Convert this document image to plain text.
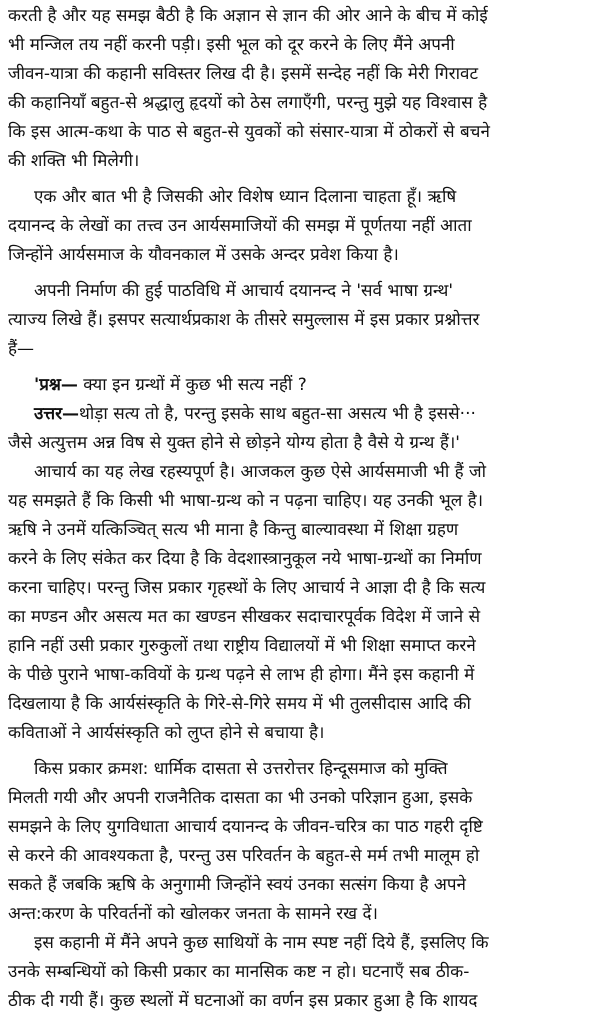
करती है और यह समझ बैठी है कि अज्ञान से ज्ञान की ओर आने के बीच में कोई
भी मन्जिल तय नहीं करनी पड़ी। इसी भूल को दूर करने के लिए मैंने अपनी
जीवन-यात्रा की कहानी सविस्तर लिख दी है। इसमें सन्देह नहीं कि मेरी गिरावट
की कहानियाँ बहुत-से श्रद्धालु हृदयों को ठेस लगाएँगी, परन्तु मुझे यह विश्वास है
कि इस आत्म-कथा के पाठ से बहुत-से युवकों को संसार-यात्रा में ठोकरों से बचने
की शक्ति भी मिलेगी।
एक और बात भी है जिसकी ओर विशेष ध्यान दिलाना चाहता हूँ। ऋषि
दयानन्द के लेखों का तत्त्व उन आर्यसमाजियों की समझ में पूर्णतया नहीं आता
जिन्होंने आर्यसमाज के यौवनकाल में उसके अन्दर प्रवेश किया है।
अपनी निर्माण की हुई पाठविधि में आचार्य दयानन्द ने 'सर्व भाषा ग्रन्थ'
त्याज्य लिखे हैं। इसपर सत्यार्थप्रकाश के तीसरे समुल्लास में इस प्रकार प्रश्नोत्तर
हैं—
'प्रश्न— क्या इन ग्रन्थों में कुछ भी सत्य नहीं ?
उत्तर—थोड़ा सत्य तो है, परन्तु इसके साथ बहुत-सा असत्य भी है इससे···
जैसे अत्युत्तम अन्न विष से युक्त होने से छोड़ने योग्य होता है वैसे ये ग्रन्थ हैं।'
आचार्य का यह लेख रहस्यपूर्ण है। आजकल कुछ ऐसे आर्यसमाजी भी हैं जो
यह समझते हैं कि किसी भी भाषा-ग्रन्थ को न पढ़ना चाहिए। यह उनकी भूल है।
ऋषि ने उनमें यत्किञ्चित् सत्य भी माना है किन्तु बाल्यावस्था में शिक्षा ग्रहण
करने के लिए संकेत कर दिया है कि वेदशास्त्रानुकूल नये भाषा-ग्रन्थों का निर्माण
करना चाहिए। परन्तु जिस प्रकार गृहस्थों के लिए आचार्य ने आज्ञा दी है कि सत्य
का मण्डन और असत्य मत का खण्डन सीखकर सदाचारपूर्वक विदेश में जाने से
हानि नहीं उसी प्रकार गुरुकुलों तथा राष्ट्रीय विद्यालयों में भी शिक्षा समाप्त करने
के पीछे पुराने भाषा-कवियों के ग्रन्थ पढ़ने से लाभ ही होगा। मैंने इस कहानी में
दिखलाया है कि आर्यसंस्कृति के गिरे-से-गिरे समय में भी तुलसीदास आदि की
कविताओं ने आर्यसंस्कृति को लुप्त होने से बचाया है।
किस प्रकार क्रमश: धार्मिक दासता से उत्तरोत्तर हिन्दूसमाज को मुक्ति
मिलती गयी और अपनी राजनैतिक दासता का भी उनको परिज्ञान हुआ, इसके
समझने के लिए युगविधाता आचार्य दयानन्द के जीवन-चरित्र का पाठ गहरी दृष्टि
से करने की आवश्यकता है, परन्तु उस परिवर्तन के बहुत-से मर्म तभी मालूम हो
सकते हैं जबकि ऋषि के अनुगामी जिन्होंने स्वयं उनका सत्संग किया है अपने
अन्त:करण के परिवर्तनों को खोलकर जनता के सामने रख दें।
इस कहानी में मैंने अपने कुछ साथियों के नाम स्पष्ट नहीं दिये हैं, इसलिए कि
उनके सम्बन्धियों को किसी प्रकार का मानसिक कष्ट न हो। घटनाएँ सब ठीक-
ठीक दी गयी हैं। कुछ स्थलों में घटनाओं का वर्णन इस प्रकार हुआ है कि शायद
